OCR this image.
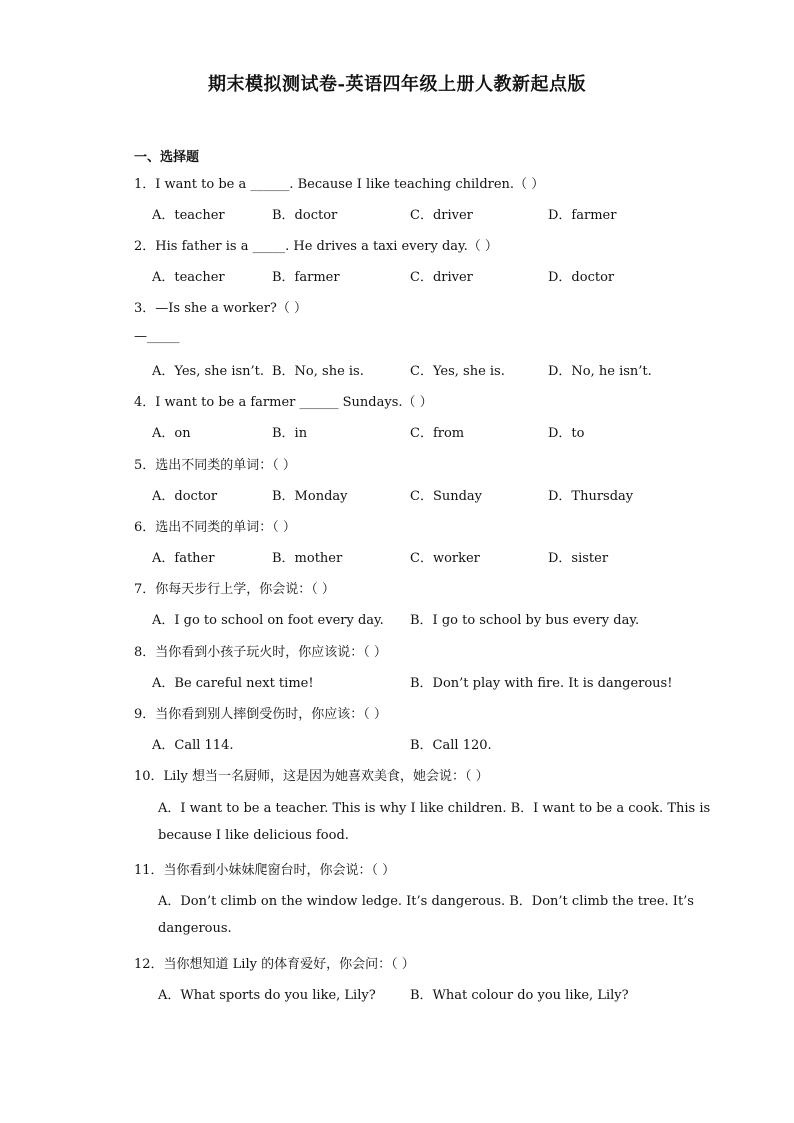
期末模拟测试卷-英语四年级上册人教新起点版
一、选择题
1．I want to be a ______. Because I like teaching children.（ ）
A．teacher	B．doctor	C．driver	D．farmer
2．His father is a _____. He drives a taxi every day.（ ）
A．teacher	B．farmer	C．driver	D．doctor
3．—Is she a worker?（ ）
—_____
A．Yes, she isn’t. B．No, she is.	C．Yes, she is.	D．No, he isn’t.
4．I want to be a farmer ______ Sundays.（ ）
A．on	B．in	C．from	D．to
5．选出不同类的单词：（ ）
A．doctor	B．Monday	C．Sunday	D．Thursday
6．选出不同类的单词：（ ）
A．father	B．mother	C．worker	D．sister
7．你每天步行上学，你会说：（ ）
A．I go to school on foot every day. B．I go to school by bus every day.
8．当你看到小孩子玩火时，你应该说：（ ）
A．Be careful next time!	B．Don’t play with fire. It is dangerous!
9．当你看到别人摔倒受伤时，你应该：（ ）
A．Call 114.	B．Call 120.
10．Lily 想当一名厨师，这是因为她喜欢美食，她会说：（ ）
A．I want to be a teacher. This is why I like children. B．I want to be a cook. This is
because I like delicious food.
11．当你看到小妹妹爬窗台时，你会说：（ ）
A．Don’t climb on the window ledge. It’s dangerous. B．Don’t climb the tree. It’s
dangerous.
12．当你想知道 Lily 的体育爱好，你会问：（ ）
A．What sports do you like, Lily?	B．What colour do you like, Lily?
